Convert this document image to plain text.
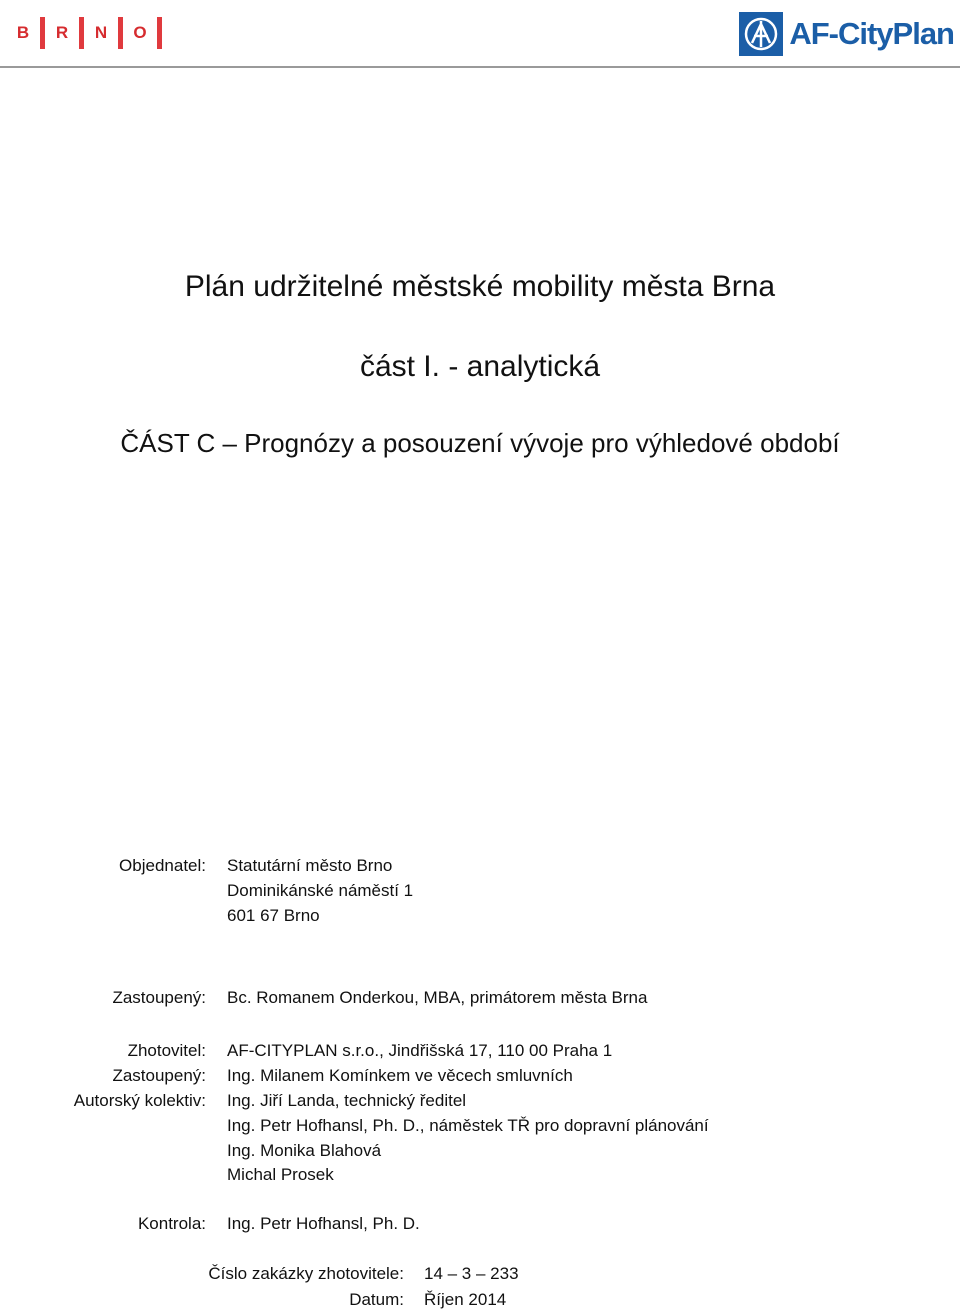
B R N O	AF-CityPlan
Plán udržitelné městské mobility města Brna
část I. - analytická
ČÁST C – Prognózy a posouzení vývoje pro výhledové období
Objednatel: Statutární město Brno
Dominikánské náměstí 1
601 67 Brno
Zastoupený: Bc. Romanem Onderkou, MBA, primátorem města Brna
Zhotovitel: AF-CITYPLAN s.r.o., Jindřišská 17, 110 00 Praha 1
Zastoupený: Ing. Milanem Komínkem ve věcech smluvních
Autorský kolektiv: Ing. Jiří Landa, technický ředitel
Ing. Petr Hofhansl, Ph. D., náměstek TŘ pro dopravní plánování
Ing. Monika Blahová
Michal Prosek
Kontrola: Ing. Petr Hofhansl, Ph. D.
Číslo zakázky zhotovitele: 14 – 3 – 233
Datum: Říjen 2014
